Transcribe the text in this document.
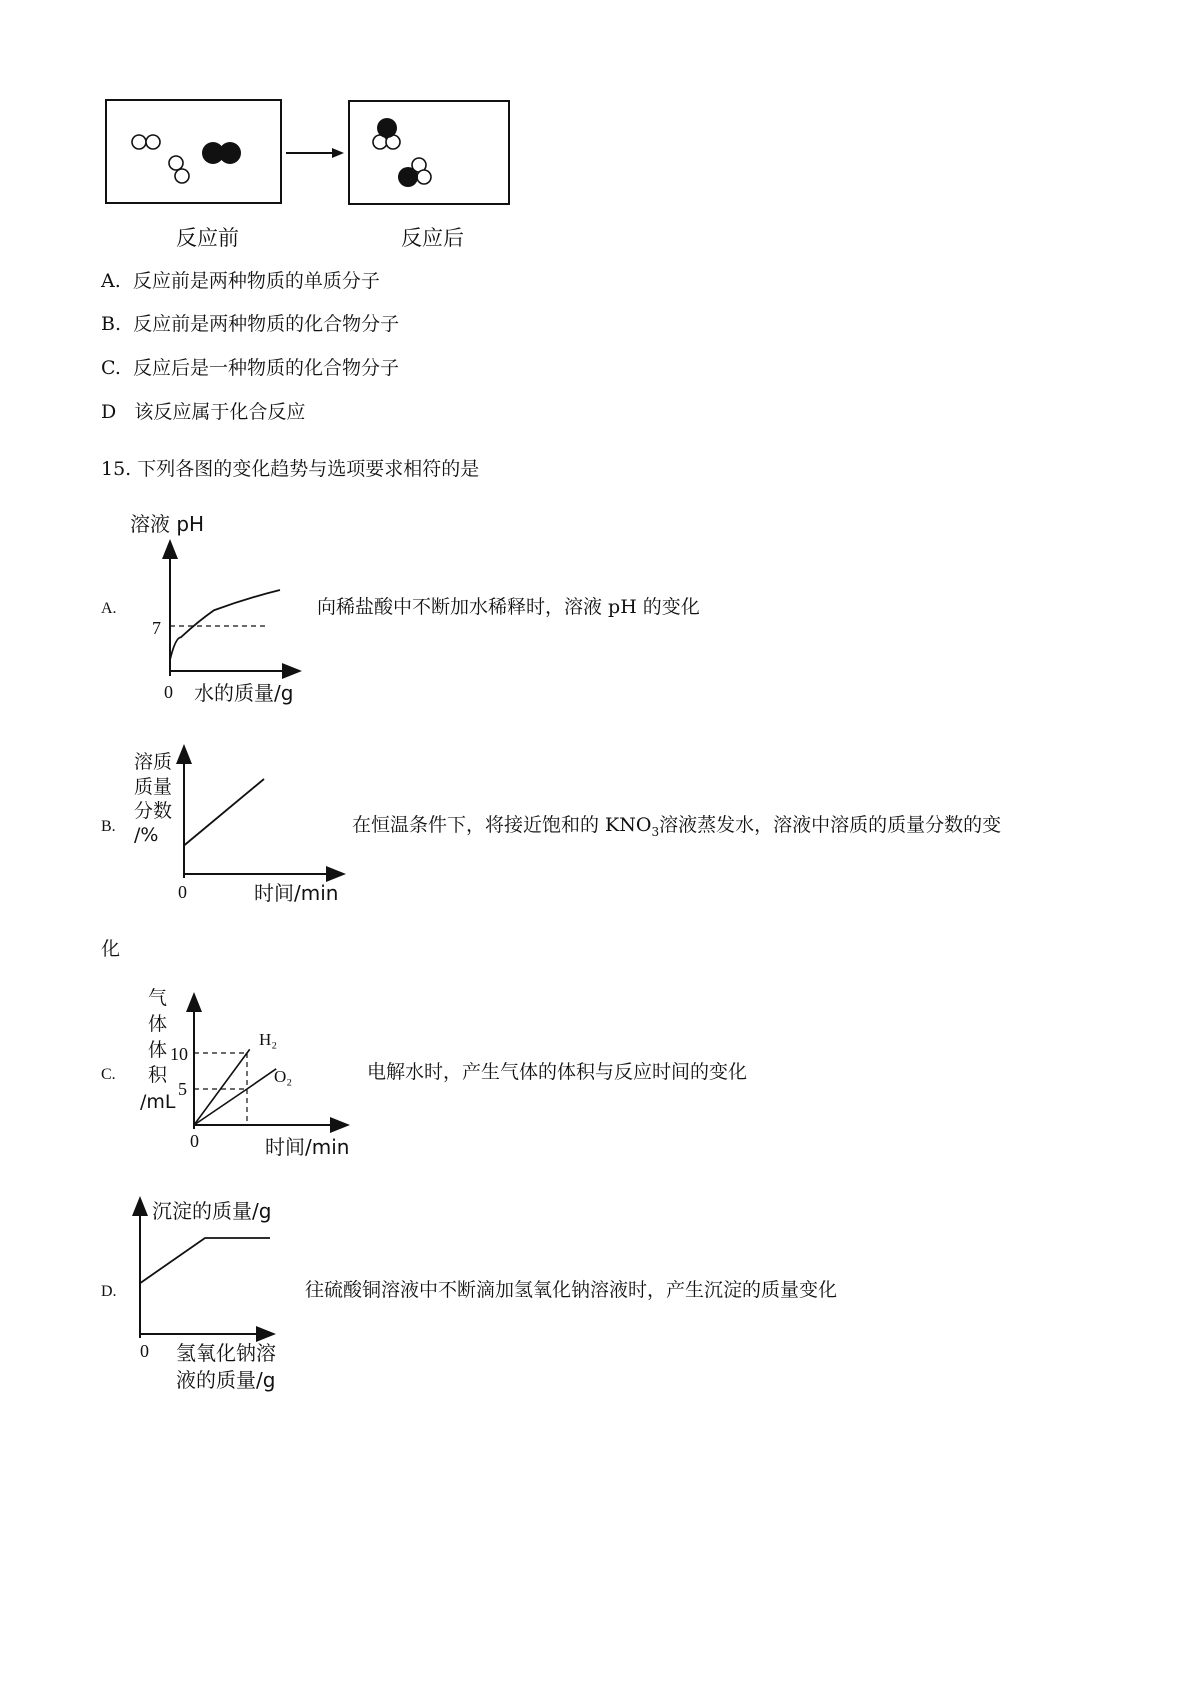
反应前	反应后
A. 反应前是两种物质的单质分子
B. 反应前是两种物质的化合物分子
C. 反应后是一种物质的化合物分子
D 该反应属于化合反应
15. 下列各图的变化趋势与选项要求相符的是
A.
溶液 pH
7
0 水的质量/g
向稀盐酸中不断加水稀释时，溶液 pH 的变化
B.
溶质
质量
分数
/%
0	时间/min
在恒温条件下，将接近饱和的 $KNO_3$溶液蒸发水，溶液中溶质的质量分数的变
化
C.
气
体
体
积
/mL
10
5
H₂
O₂
0	时间/min
电解水时，产生气体的体积与反应时间的变化
D.
沉淀的质量/g
0 氢氧化钠溶
液的质量/g
往硫酸铜溶液中不断滴加氢氧化钠溶液时，产生沉淀的质量变化
